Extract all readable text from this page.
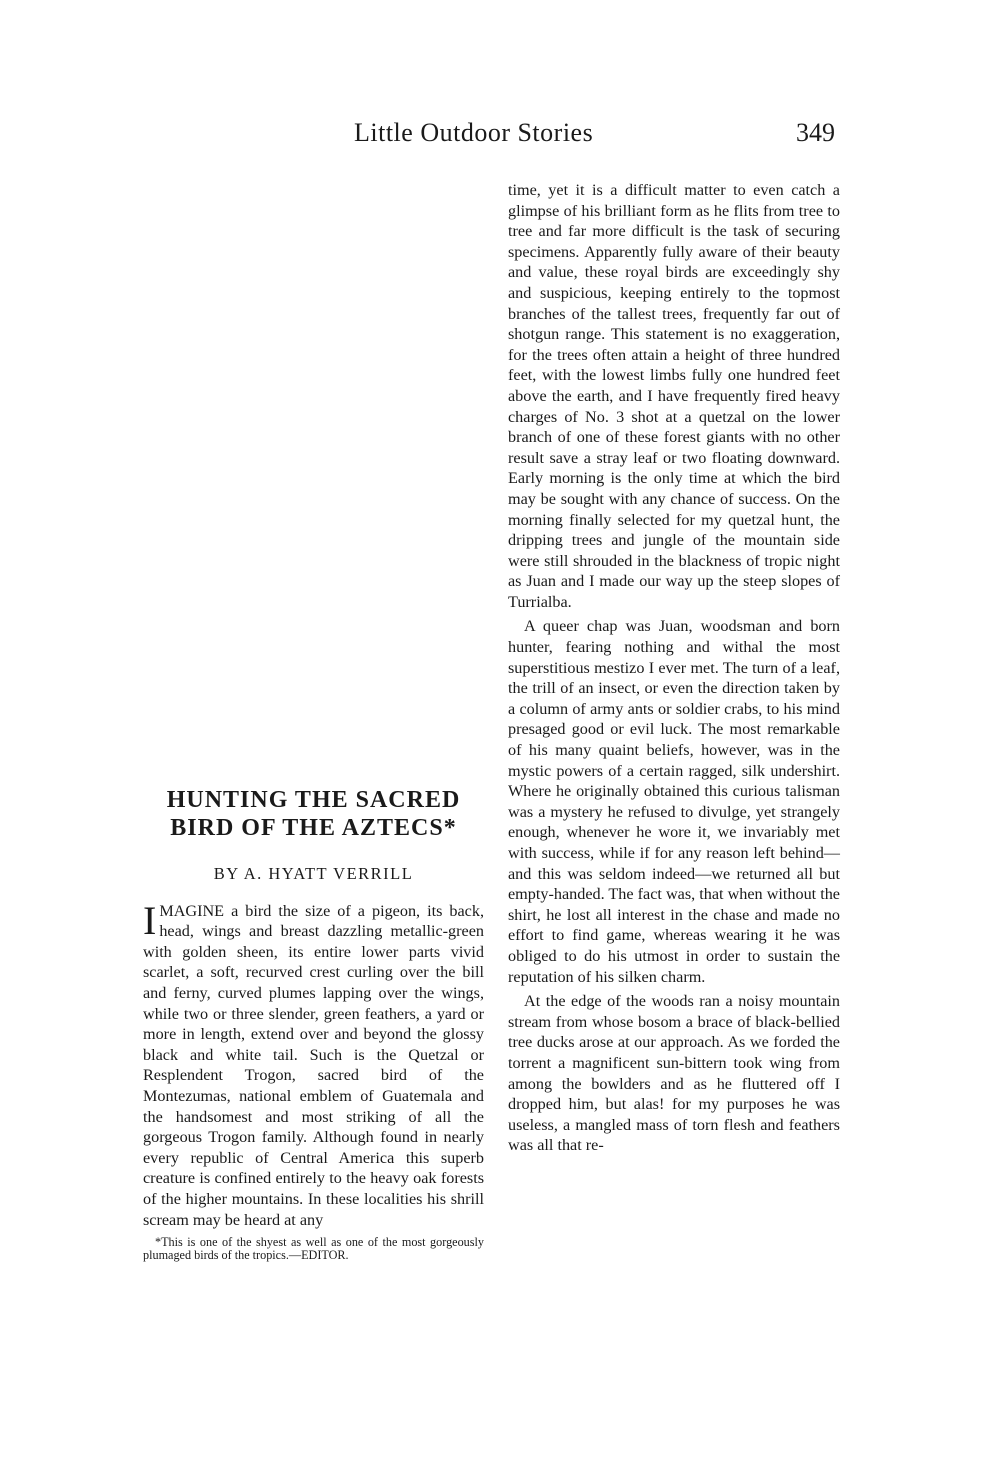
Little Outdoor Stories	349
HUNTING THE SACRED
BIRD OF THE AZTECS*
BY A. HYATT VERRILL

IMAGINE a bird the size of a pigeon, its back, head, wings and breast dazzling metallic-green with golden sheen, its entire lower parts vivid scarlet, a soft, recurved crest curling over the bill and ferny, curved plumes lapping over the wings, while two or three slender, green feathers, a yard or more in length, extend over and beyond the glossy black and white tail. Such is the Quetzal or Resplendent Trogon, sacred bird of the Montezumas, national emblem of Guatemala and the handsomest and most striking of all the gorgeous Trogon family. Although found in nearly every republic of Central America this superb creature is confined entirely to the heavy oak forests of the higher mountains. In these localities his shrill scream may be heard at any

*This is one of the shyest as well as one of the most gorgeously plumaged birds of the tropics.—EDITOR.

time, yet it is a difficult matter to even catch a glimpse of his brilliant form as he flits from tree to tree and far more difficult is the task of securing specimens. Apparently fully aware of their beauty and value, these royal birds are exceedingly shy and suspicious, keeping entirely to the topmost branches of the tallest trees, frequently far out of shotgun range. This statement is no exaggeration, for the trees often attain a height of three hundred feet, with the lowest limbs fully one hundred feet above the earth, and I have frequently fired heavy charges of No. 3 shot at a quetzal on the lower branch of one of these forest giants with no other result save a stray leaf or two floating downward. Early morning is the only time at which the bird may be sought with any chance of success. On the morning finally selected for my quetzal hunt, the dripping trees and jungle of the mountain side were still shrouded in the blackness of tropic night as Juan and I made our way up the steep slopes of Turrialba.

A queer chap was Juan, woodsman and born hunter, fearing nothing and withal the most superstitious mestizo I ever met. The turn of a leaf, the trill of an insect, or even the direction taken by a column of army ants or soldier crabs, to his mind presaged good or evil luck. The most remarkable of his many quaint beliefs, however, was in the mystic powers of a certain ragged, silk undershirt. Where he originally obtained this curious talisman was a mystery he refused to divulge, yet strangely enough, whenever he wore it, we invariably met with success, while if for any reason left behind— and this was seldom indeed—we returned all but empty-handed. The fact was, that when without the shirt, he lost all interest in the chase and made no effort to find game, whereas wearing it he was obliged to do his utmost in order to sustain the reputation of his silken charm.

At the edge of the woods ran a noisy mountain stream from whose bosom a brace of black-bellied tree ducks arose at our approach. As we forded the torrent a magnificent sun-bittern took wing from among the bowlders and as he fluttered off I dropped him, but alas! for my purposes he was useless, a mangled mass of torn flesh and feathers was all that re-
